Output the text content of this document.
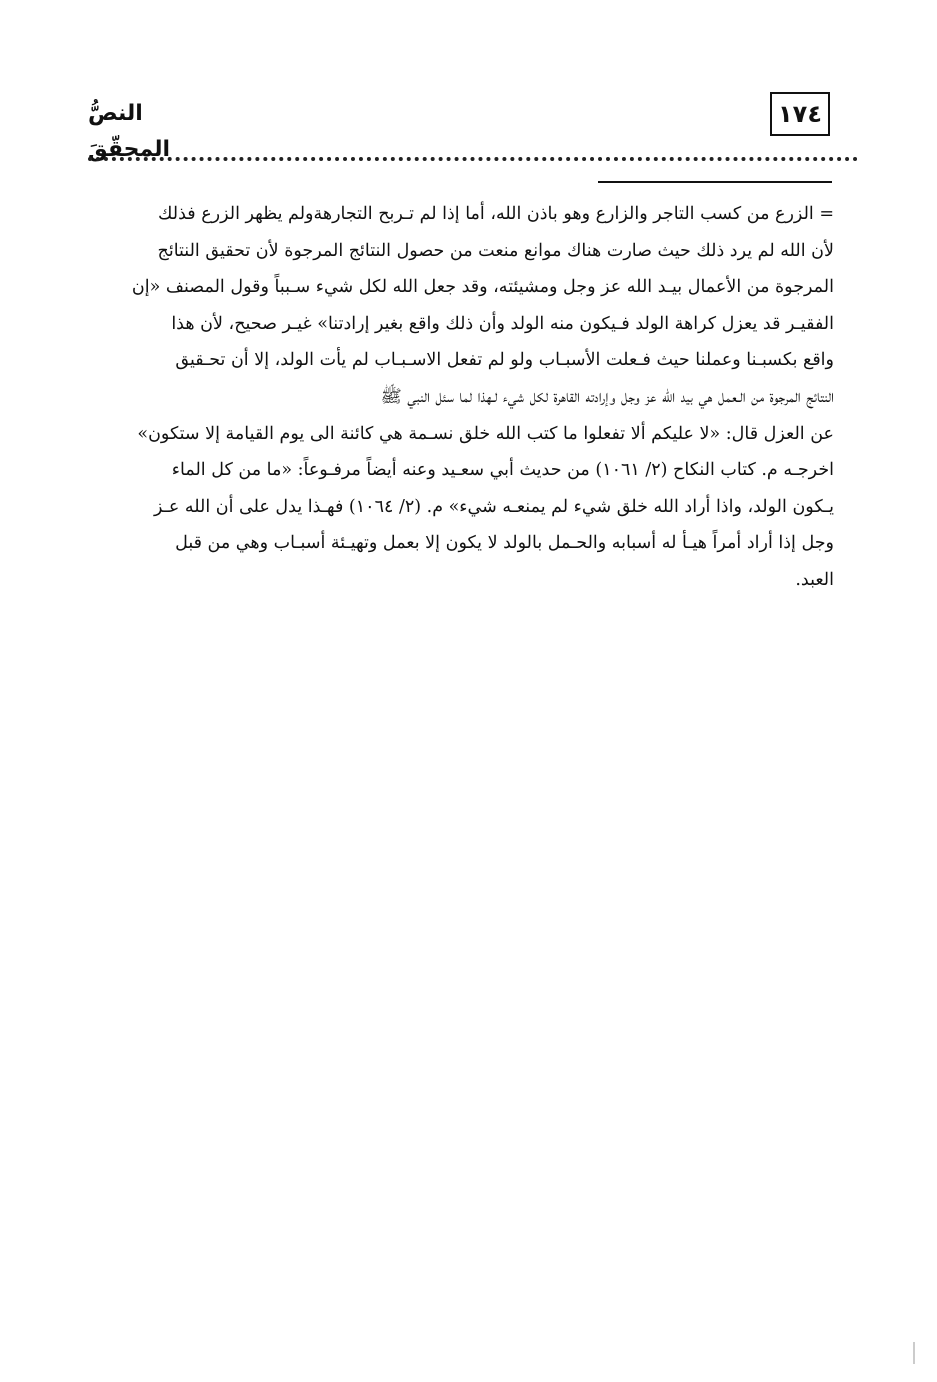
١٧٤
النصُّ المحقّقَ
= الزرع من كسب التاجر والزارع وهو باذن الله، أما إذا لم تـربح التجارهةولم يظهر الزرع فذلك
لأن الله لم يرد ذلك حيث صارت هناك موانع منعت من حصول النتائج المرجوة لأن تحقيق النتائج
المرجوة من الأعمال بيـد الله عز وجل ومشيئته، وقد جعل الله لكل شيء سـبباً وقول المصنف «إن
الفقيـر قد يعزل كراهة الولد فـيكون منه الولد وأن ذلك واقع بغير إرادتنا» غيـر صحيح، لأن هذا
واقع بكسبـنا وعملنا حيث فـعلت الأسبـاب ولو لم تفعل الاسـبـاب لم يأت الولد، إلا أن تحـقيق
النتائج المرجوة من الـعمل هي بيد الله عز وجل وإرادته القاهرة لكل شيء لـهذا لما سئل النبي ﷺ
عن العزل قال: «لا عليكم ألا تفعلوا ما كتب الله خلق نسـمة هي كائنة الى يوم القيامة إلا ستكون»
اخرجـه م. كتاب النكاح (٢/ ١٠٦١) من حديث أبي سعـيد وعنه أيضاً مرفـوعاً: «ما من كل الماء
يـكون الولد، واذا أراد الله خلق شيء لم يمنعـه شيء» م. (٢/ ١٠٦٤) فهـذا يدل على أن الله عـز
وجل إذا أراد أمراً هيـأ له أسبابه والحـمل بالولد لا يكون إلا بعمل وتهيـئة أسبـاب وهي من قبل
العبد.
